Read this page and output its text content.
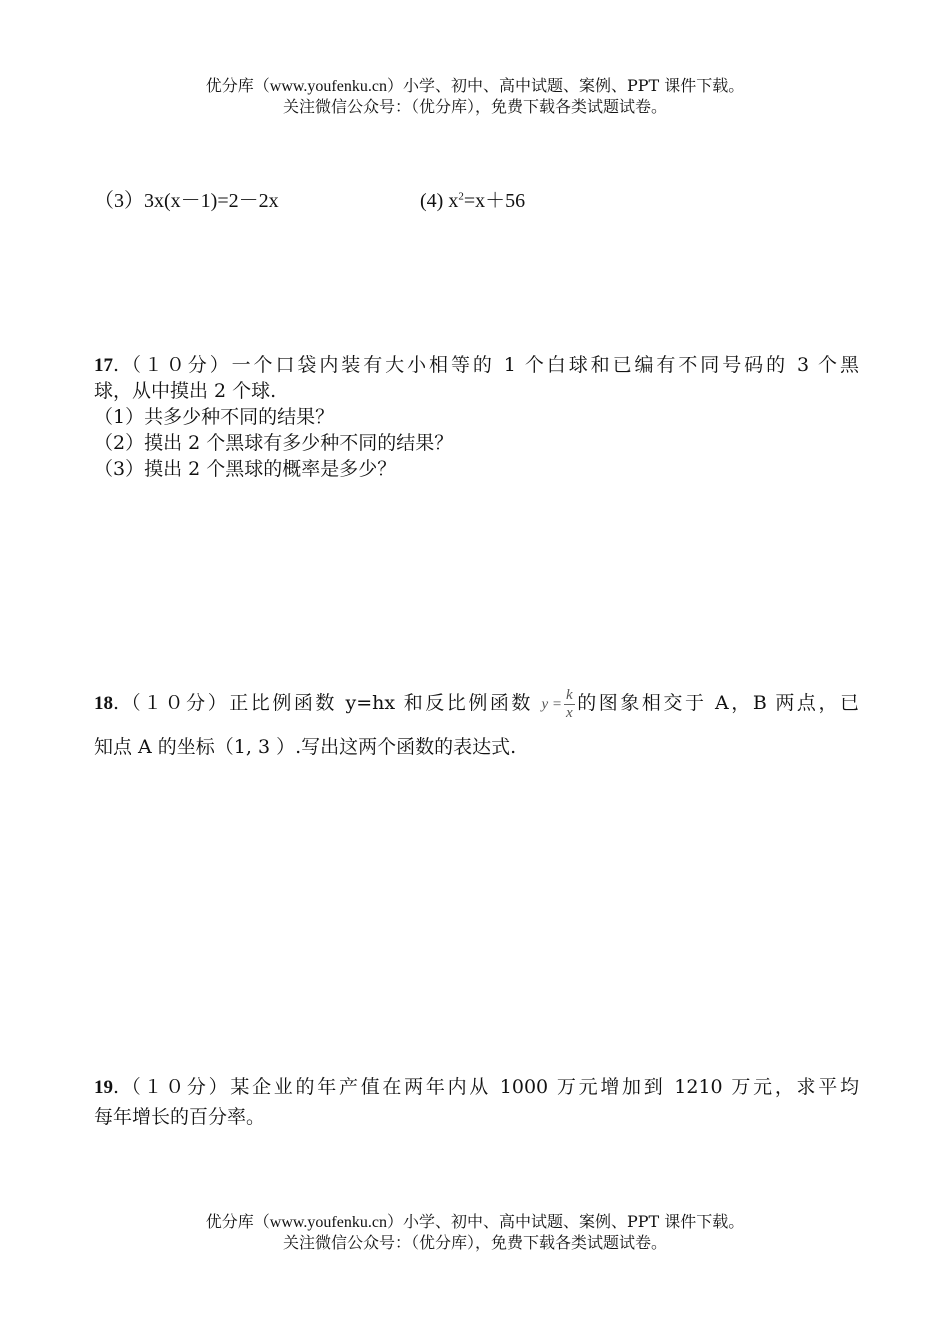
优分库（www.youfenku.cn）小学、初中、高中试题、案例、PPT 课件下载。
关注微信公众号：（优分库），免费下载各类试题试卷。
（3）3x(x－1)=2－2x	(4) $x^2=x+56$
17.（１０分）一个口袋内装有大小相等的 1 个白球和已编有不同号码的 3 个黑
球，从中摸出 2 个球.
（1）共多少种不同的结果？
（2）摸出 2 个黑球有多少种不同的结果？
（3）摸出 2 个黑球的概率是多少？
18.（１０分）正比例函数 y=hx 和反比例函数 $y = \frac{k}{x}$ 的图象相交于 A，B 两点，已
知点 A 的坐标（1, 3 ）.写出这两个函数的表达式.
19.（１０分）某企业的年产值在两年内从 1000 万元增加到 1210 万元，求平均
每年增长的百分率。
优分库（www.youfenku.cn）小学、初中、高中试题、案例、PPT 课件下载。
关注微信公众号：（优分库），免费下载各类试题试卷。
